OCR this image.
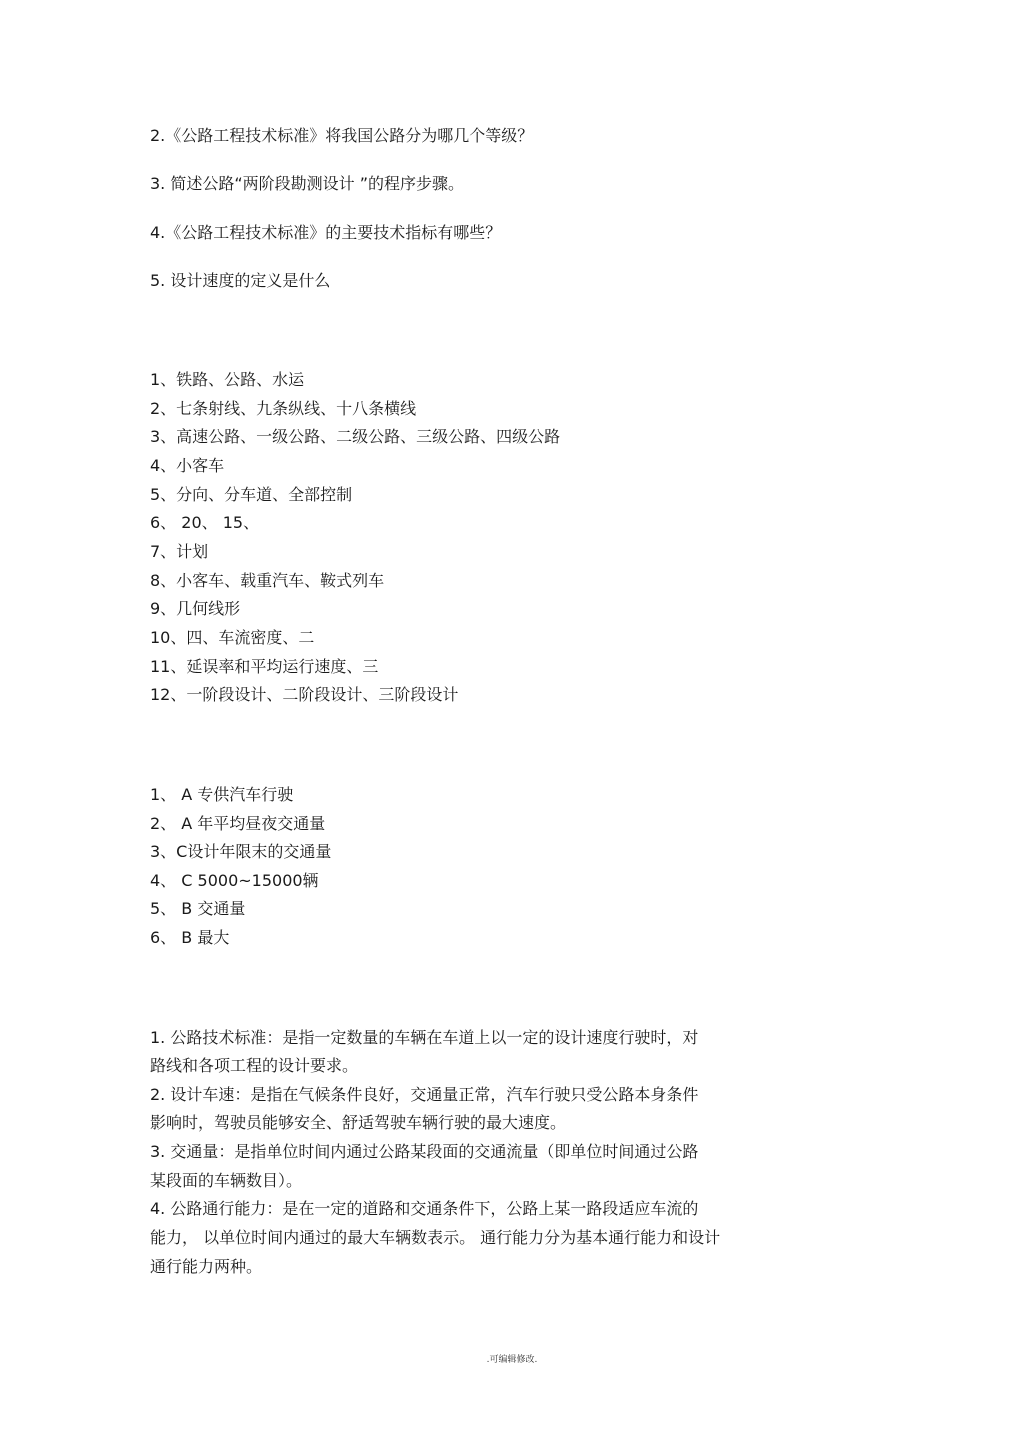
2.《公路工程技术标准》将我国公路分为哪几个等级？
3. 简述公路“两阶段勘测设计 ”的程序步骤。
4.《公路工程技术标准》的主要技术指标有哪些？
5. 设计速度的定义是什么
1、铁路、公路、水运
2、七条射线、九条纵线、十八条横线
3、高速公路、一级公路、二级公路、三级公路、四级公路
4、小客车
5、分向、分车道、全部控制
6、 20、 15、
7、计划
8、小客车、载重汽车、鞍式列车
9、几何线形
10、四、车流密度、二
11、延误率和平均运行速度、三
12、一阶段设计、二阶段设计、三阶段设计
1、 A 专供汽车行驶
2、 A 年平均昼夜交通量
3、C设计年限末的交通量
4、 C 5000~15000辆
5、 B 交通量
6、 B 最大
1. 公路技术标准：是指一定数量的车辆在车道上以一定的设计速度行驶时，对
路线和各项工程的设计要求。
2. 设计车速：是指在气候条件良好，交通量正常，汽车行驶只受公路本身条件
影响时，驾驶员能够安全、舒适驾驶车辆行驶的最大速度。
3. 交通量：是指单位时间内通过公路某段面的交通流量（即单位时间通过公路
某段面的车辆数目）。
4. 公路通行能力：是在一定的道路和交通条件下，公路上某一路段适应车流的
能力， 以单位时间内通过的最大车辆数表示。 通行能力分为基本通行能力和设计
通行能力两种。
.可编辑修改.
